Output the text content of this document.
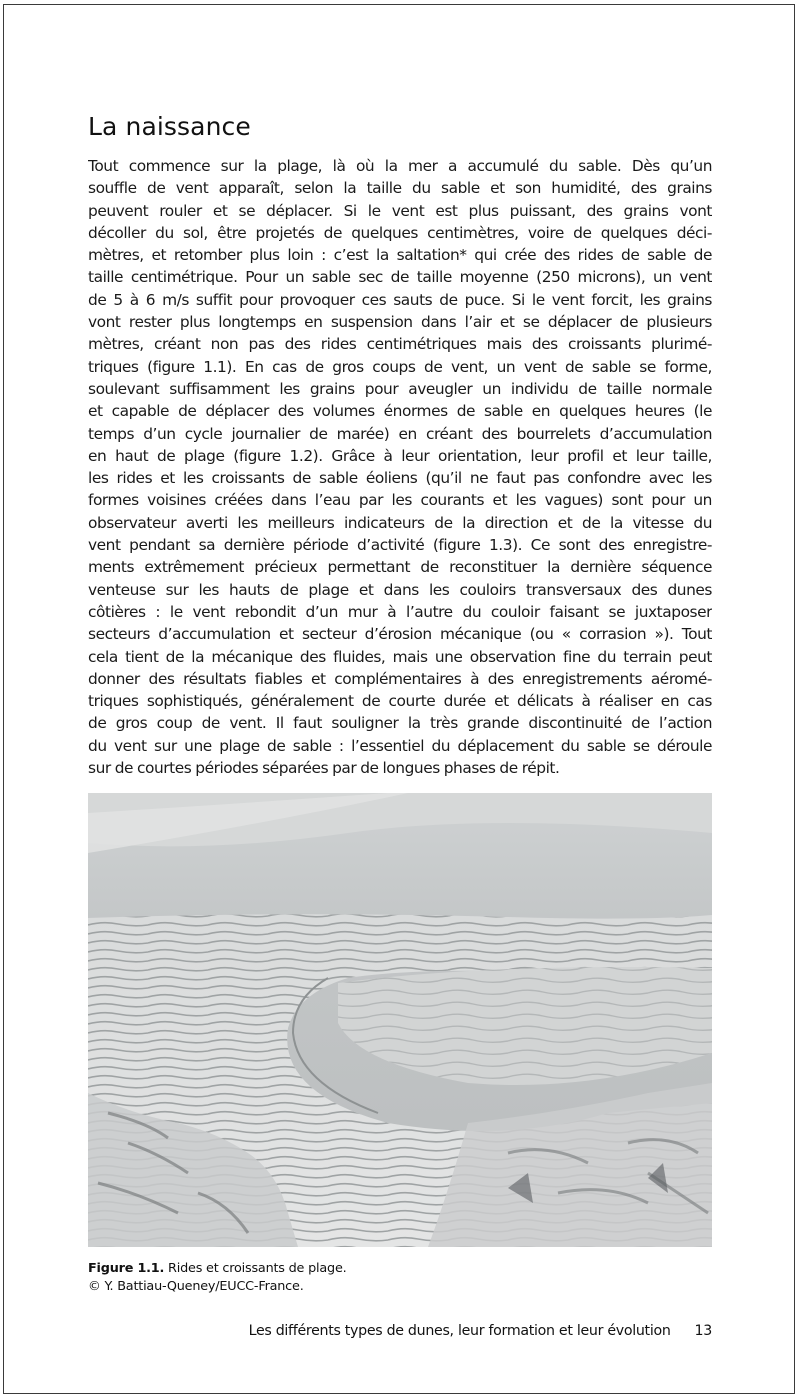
La naissance
Tout commence sur la plage, là où la mer a accumulé du sable. Dès qu’un
souffle de vent apparaît, selon la taille du sable et son humidité, des grains
peuvent rouler et se déplacer. Si le vent est plus puissant, des grains vont
décoller du sol, être projetés de quelques centimètres, voire de quelques déci-
mètres, et retomber plus loin : c’est la saltation* qui crée des rides de sable de
taille centimétrique. Pour un sable sec de taille moyenne (250 microns), un vent
de 5 à 6 m/s suffit pour provoquer ces sauts de puce. Si le vent forcit, les grains
vont rester plus longtemps en suspension dans l’air et se déplacer de plusieurs
mètres, créant non pas des rides centimétriques mais des croissants plurimé-
triques (figure 1.1). En cas de gros coups de vent, un vent de sable se forme,
soulevant suffisamment les grains pour aveugler un individu de taille normale
et capable de déplacer des volumes énormes de sable en quelques heures (le
temps d’un cycle journalier de marée) en créant des bourrelets d’accumulation
en haut de plage (figure 1.2). Grâce à leur orientation, leur profil et leur taille,
les rides et les croissants de sable éoliens (qu’il ne faut pas confondre avec les
formes voisines créées dans l’eau par les courants et les vagues) sont pour un
observateur averti les meilleurs indicateurs de la direction et de la vitesse du
vent pendant sa dernière période d’activité (figure 1.3). Ce sont des enregistre-
ments extrêmement précieux permettant de reconstituer la dernière séquence
venteuse sur les hauts de plage et dans les couloirs transversaux des dunes
côtières : le vent rebondit d’un mur à l’autre du couloir faisant se juxtaposer
secteurs d’accumulation et secteur d’érosion mécanique (ou « corrasion »). Tout
cela tient de la mécanique des fluides, mais une observation fine du terrain peut
donner des résultats fiables et complémentaires à des enregistrements aéromé-
triques sophistiqués, généralement de courte durée et délicats à réaliser en cas
de gros coup de vent. Il faut souligner la très grande discontinuité de l’action
du vent sur une plage de sable : l’essentiel du déplacement du sable se déroule
sur de courtes périodes séparées par de longues phases de répit.
Figure 1.1. Rides et croissants de plage.
© Y. Battiau-Queney/EUCC-France.
Les différents types de dunes, leur formation et leur évolution 13
